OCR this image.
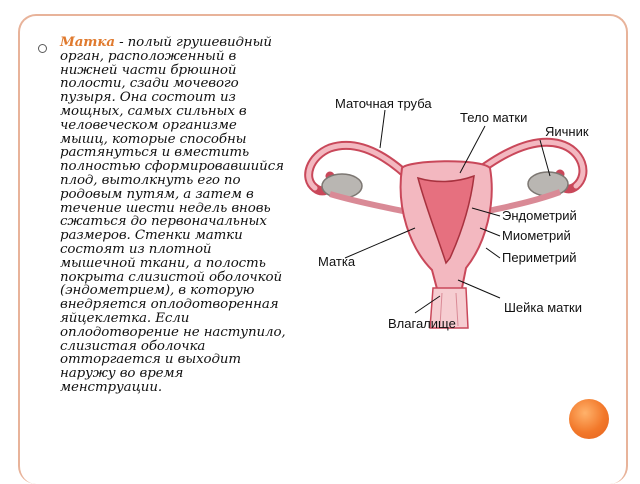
Матка - полый грушевидный орган, расположенный в нижней части брюшной полости, сзади мочевого пузыря. Она состоит из мощных, самых сильных в человеческом организме мышц, которые способны растянуться и вместить полностью сформировавшийся плод, вытолкнуть его по родовым путям, а затем в течение шести недель вновь сжаться до первоначальных размеров. Стенки матки состоят из плотной мышечной ткани, а полость покрыта слизистой оболочкой (эндометрием), в которую внедряется оплодотворенная яйцеклетка. Если оплодотворение не наступило, слизистая оболочка отторгается и выходит наружу во время менструации.
Маточная труба
Тело матки
Яичник
Эндометрий
Миометрий
Периметрий
Матка
Шейка матки
Влагалище
